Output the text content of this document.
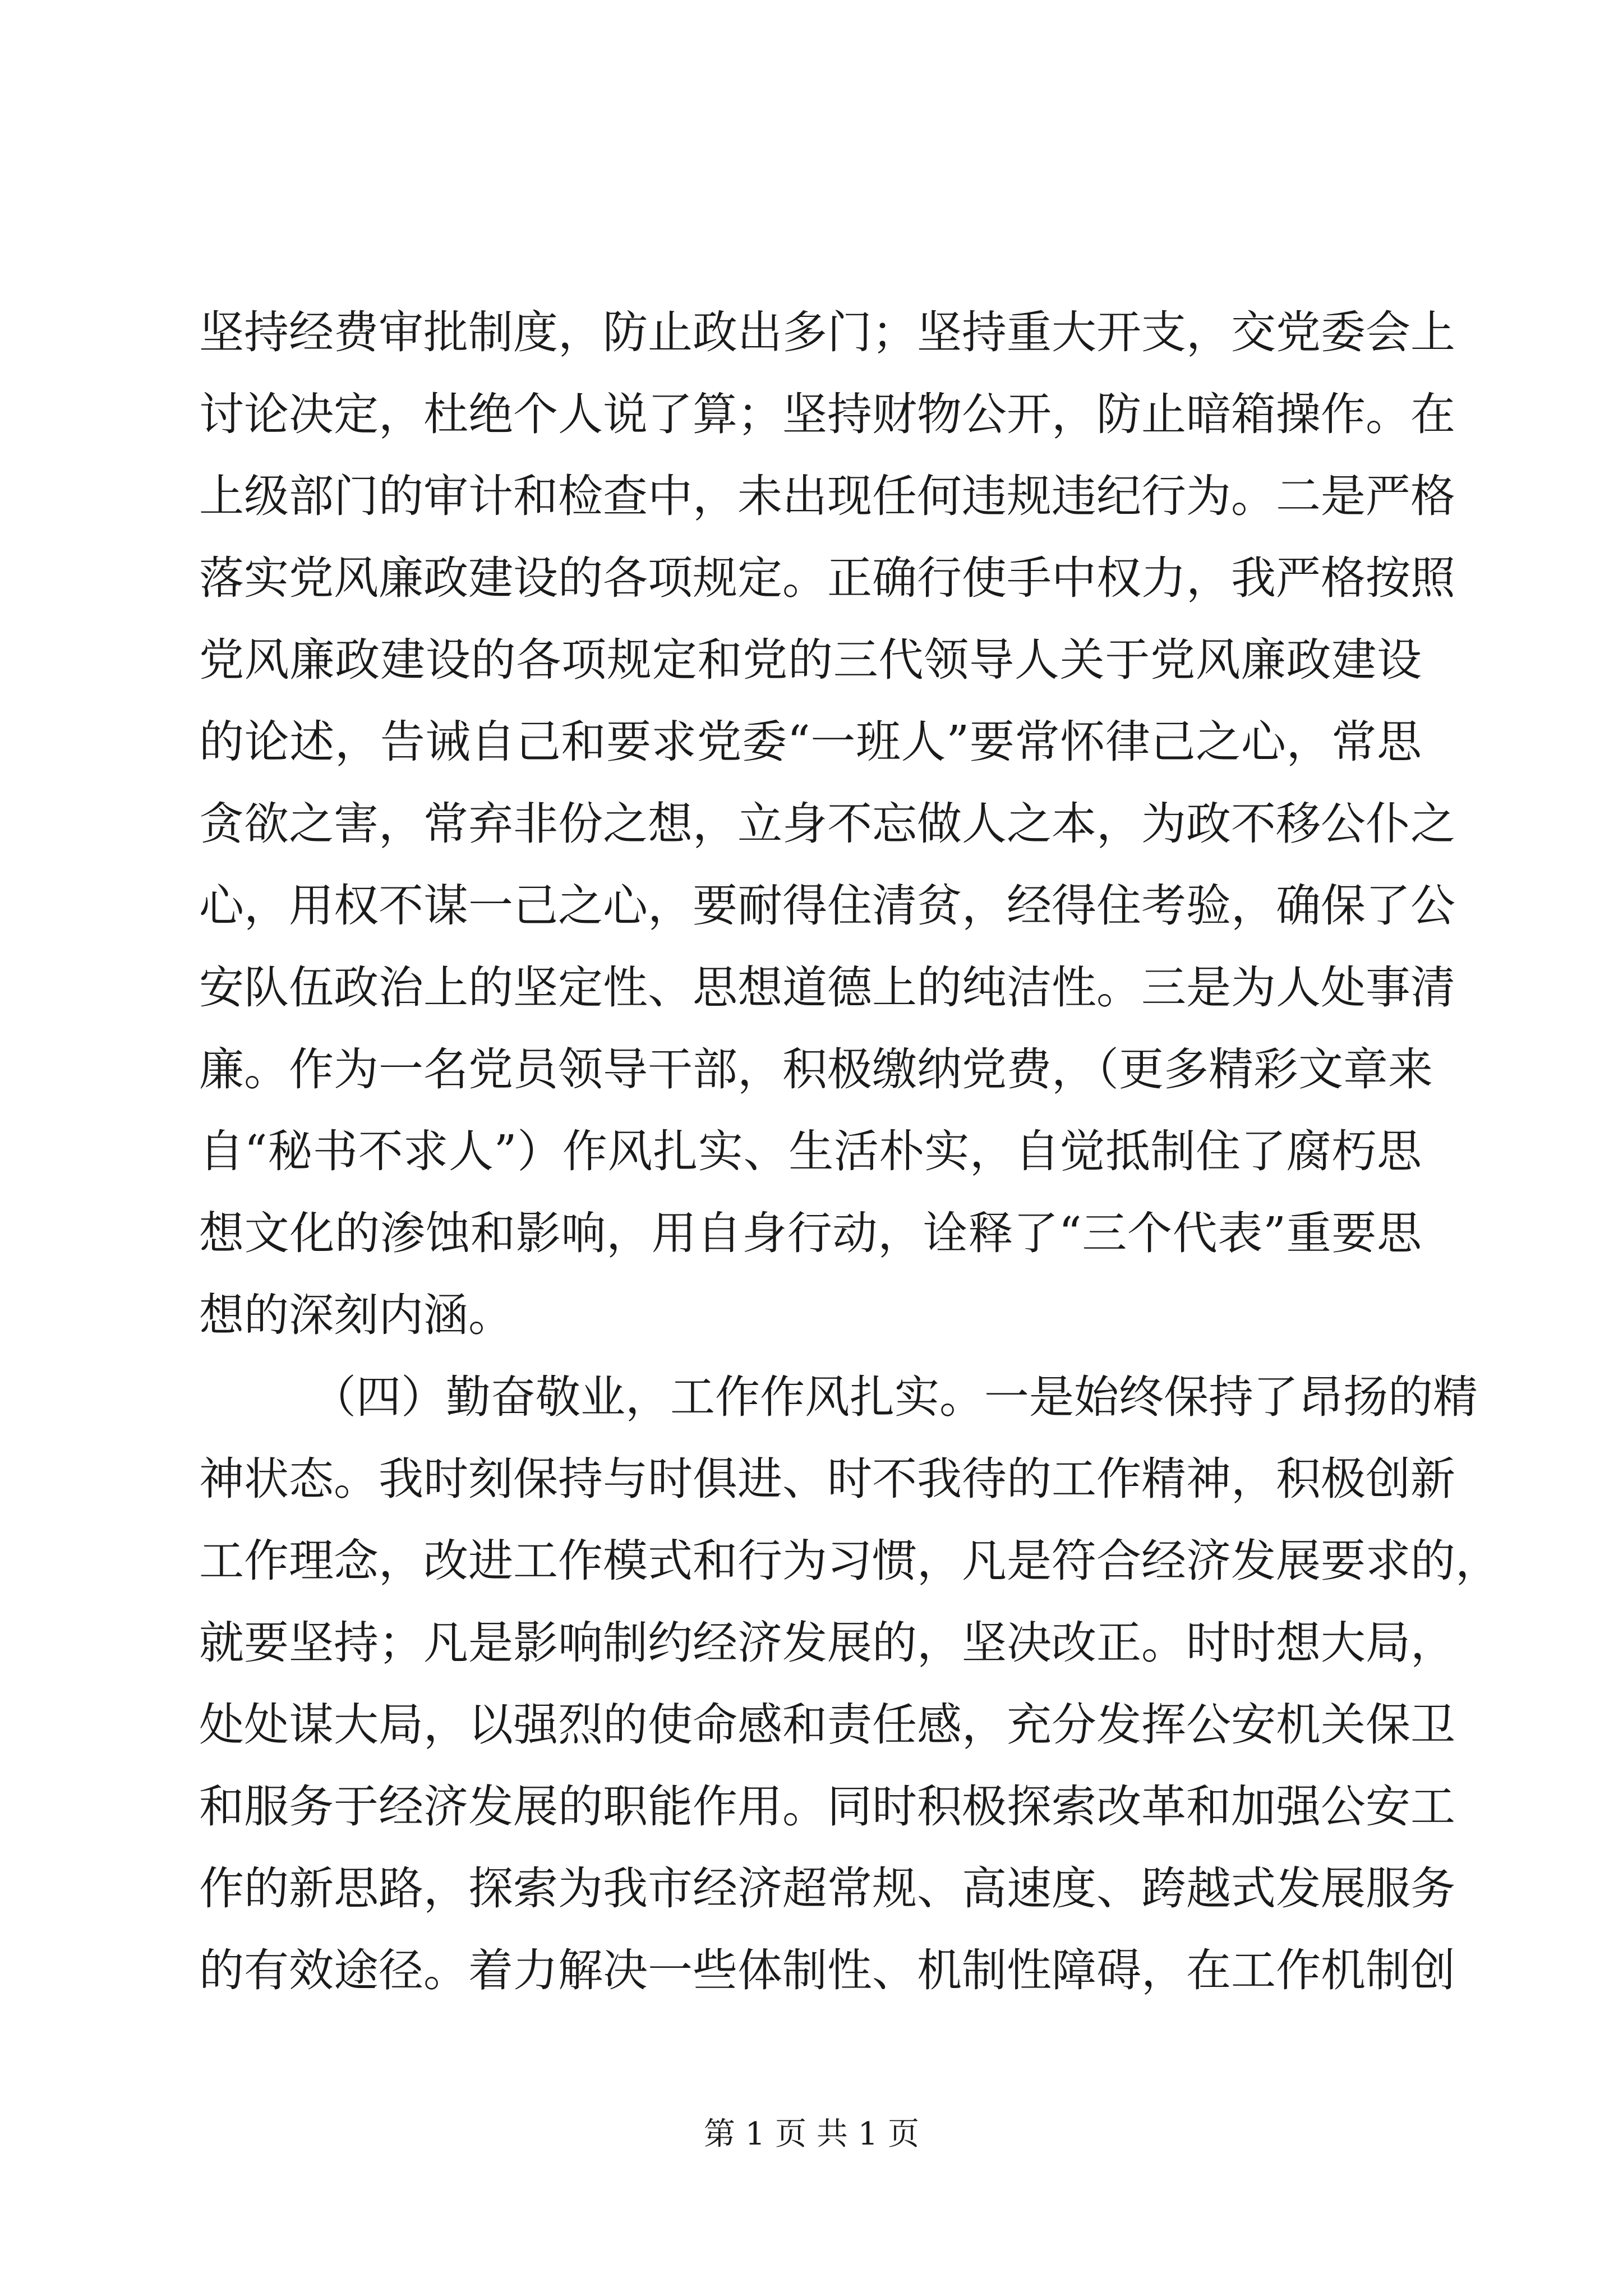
坚持经费审批制度，防止政出多门；坚持重大开支，交党委会上
讨论决定，杜绝个人说了算；坚持财物公开，防止暗箱操作。在
上级部门的审计和检查中，未出现任何违规违纪行为。二是严格
落实党风廉政建设的各项规定。正确行使手中权力，我严格按照
党风廉政建设的各项规定和党的三代领导人关于党风廉政建设
的论述，告诫自己和要求党委“一班人”要常怀律己之心，常思
贪欲之害，常弃非份之想，立身不忘做人之本，为政不移公仆之
心，用权不谋一己之心，要耐得住清贫，经得住考验，确保了公
安队伍政治上的坚定性、思想道德上的纯洁性。三是为人处事清
廉。作为一名党员领导干部，积极缴纳党费，（更多精彩文章来
自“秘书不求人”）作风扎实、生活朴实，自觉抵制住了腐朽思
想文化的渗蚀和影响，用自身行动，诠释了“三个代表”重要思
想的深刻内涵。
（四）勤奋敬业，工作作风扎实。一是始终保持了昂扬的精
神状态。我时刻保持与时俱进、时不我待的工作精神，积极创新
工作理念，改进工作模式和行为习惯，凡是符合经济发展要求的，
就要坚持；凡是影响制约经济发展的，坚决改正。时时想大局，
处处谋大局，以强烈的使命感和责任感，充分发挥公安机关保卫
和服务于经济发展的职能作用。同时积极探索改革和加强公安工
作的新思路，探索为我市经济超常规、高速度、跨越式发展服务
的有效途径。着力解决一些体制性、机制性障碍，在工作机制创
第 1 页 共 1 页
